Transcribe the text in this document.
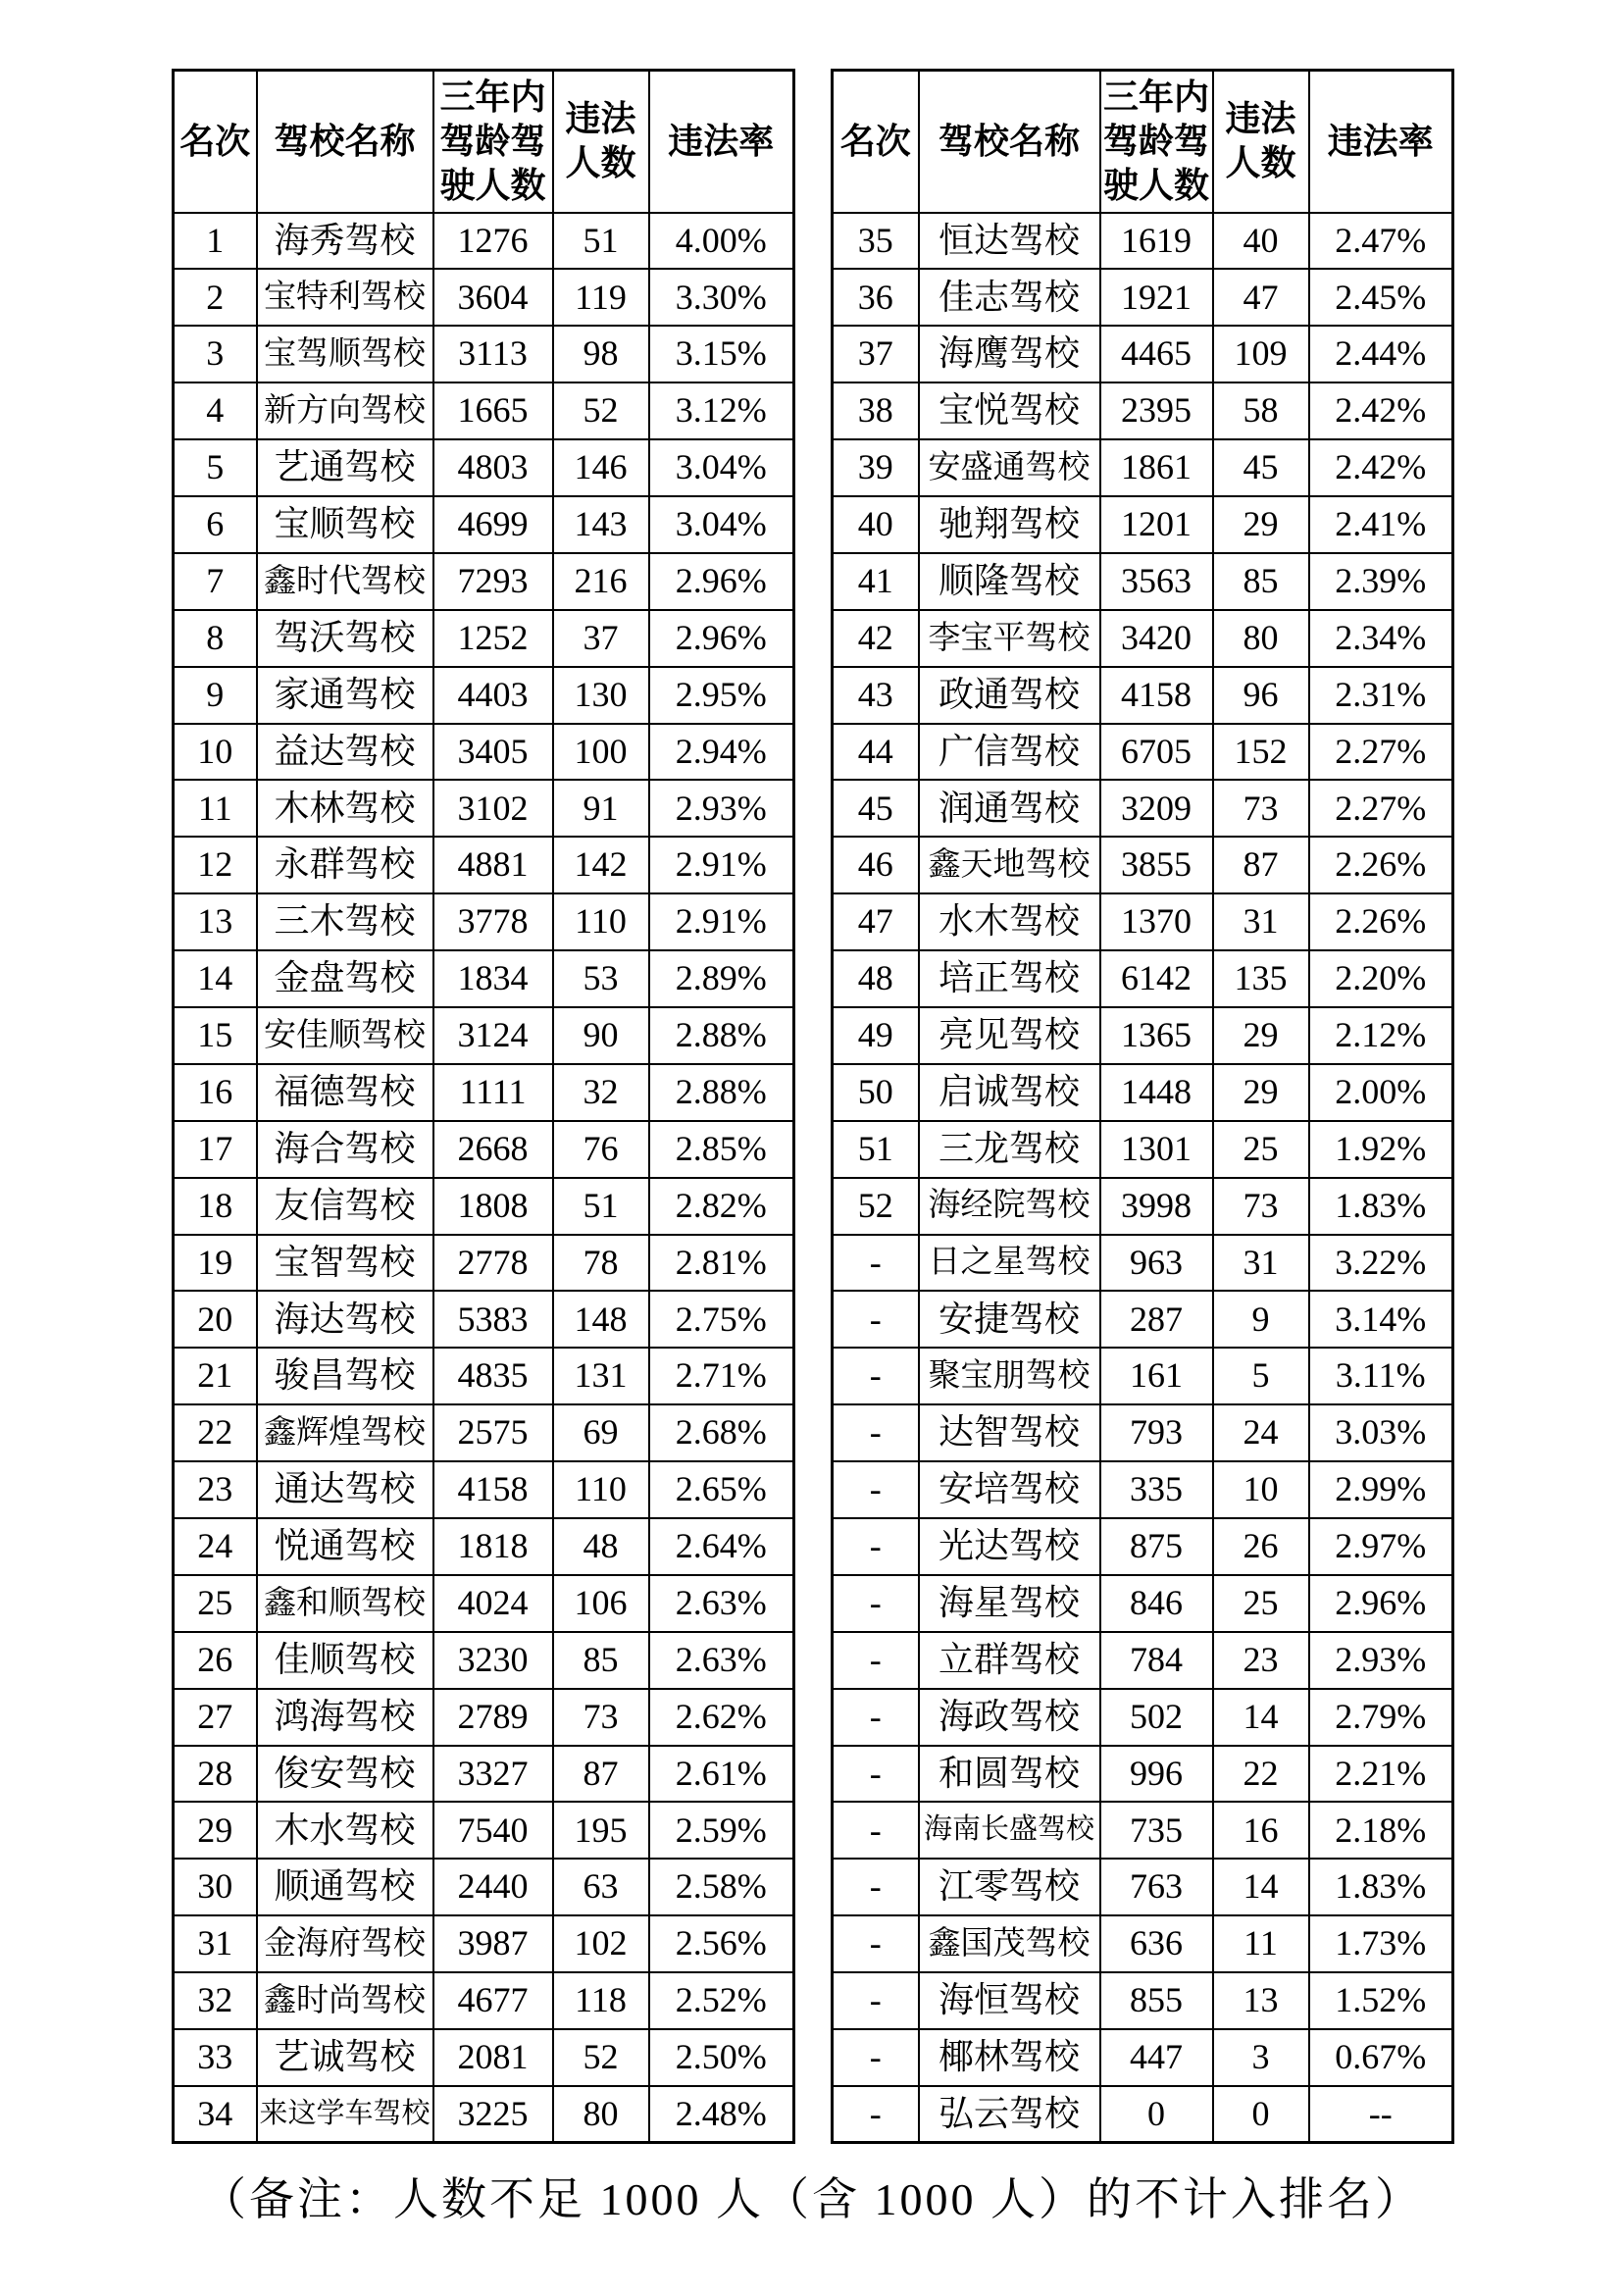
名次	驾校名称	三年内驾龄驾驶人数	违法人数	违法率
1	海秀驾校	1276	51	4.00%
2	宝特利驾校	3604	119	3.30%
3	宝驾顺驾校	3113	98	3.15%
4	新方向驾校	1665	52	3.12%
5	艺通驾校	4803	146	3.04%
6	宝顺驾校	4699	143	3.04%
7	鑫时代驾校	7293	216	2.96%
8	驾沃驾校	1252	37	2.96%
9	家通驾校	4403	130	2.95%
10	益达驾校	3405	100	2.94%
11	木林驾校	3102	91	2.93%
12	永群驾校	4881	142	2.91%
13	三木驾校	3778	110	2.91%
14	金盘驾校	1834	53	2.89%
15	安佳顺驾校	3124	90	2.88%
16	福德驾校	1111	32	2.88%
17	海合驾校	2668	76	2.85%
18	友信驾校	1808	51	2.82%
19	宝智驾校	2778	78	2.81%
20	海达驾校	5383	148	2.75%
21	骏昌驾校	4835	131	2.71%
22	鑫辉煌驾校	2575	69	2.68%
23	通达驾校	4158	110	2.65%
24	悦通驾校	1818	48	2.64%
25	鑫和顺驾校	4024	106	2.63%
26	佳顺驾校	3230	85	2.63%
27	鸿海驾校	2789	73	2.62%
28	俊安驾校	3327	87	2.61%
29	木水驾校	7540	195	2.59%
30	顺通驾校	2440	63	2.58%
31	金海府驾校	3987	102	2.56%
32	鑫时尚驾校	4677	118	2.52%
33	艺诚驾校	2081	52	2.50%
34	来这学车驾校	3225	80	2.48%
名次	驾校名称	三年内驾龄驾驶人数	违法人数	违法率
35	恒达驾校	1619	40	2.47%
36	佳志驾校	1921	47	2.45%
37	海鹰驾校	4465	109	2.44%
38	宝悦驾校	2395	58	2.42%
39	安盛通驾校	1861	45	2.42%
40	驰翔驾校	1201	29	2.41%
41	顺隆驾校	3563	85	2.39%
42	李宝平驾校	3420	80	2.34%
43	政通驾校	4158	96	2.31%
44	广信驾校	6705	152	2.27%
45	润通驾校	3209	73	2.27%
46	鑫天地驾校	3855	87	2.26%
47	水木驾校	1370	31	2.26%
48	培正驾校	6142	135	2.20%
49	亮见驾校	1365	29	2.12%
50	启诚驾校	1448	29	2.00%
51	三龙驾校	1301	25	1.92%
52	海经院驾校	3998	73	1.83%
-	日之星驾校	963	31	3.22%
-	安捷驾校	287	9	3.14%
-	聚宝朋驾校	161	5	3.11%
-	达智驾校	793	24	3.03%
-	安培驾校	335	10	2.99%
-	光达驾校	875	26	2.97%
-	海星驾校	846	25	2.96%
-	立群驾校	784	23	2.93%
-	海政驾校	502	14	2.79%
-	和圆驾校	996	22	2.21%
-	海南长盛驾校	735	16	2.18%
-	江零驾校	763	14	1.83%
-	鑫国茂驾校	636	11	1.73%
-	海恒驾校	855	13	1.52%
-	椰林驾校	447	3	0.67%
-	弘云驾校	0	0	--
（备注：人数不足 1000 人（含 1000 人）的不计入排名）
